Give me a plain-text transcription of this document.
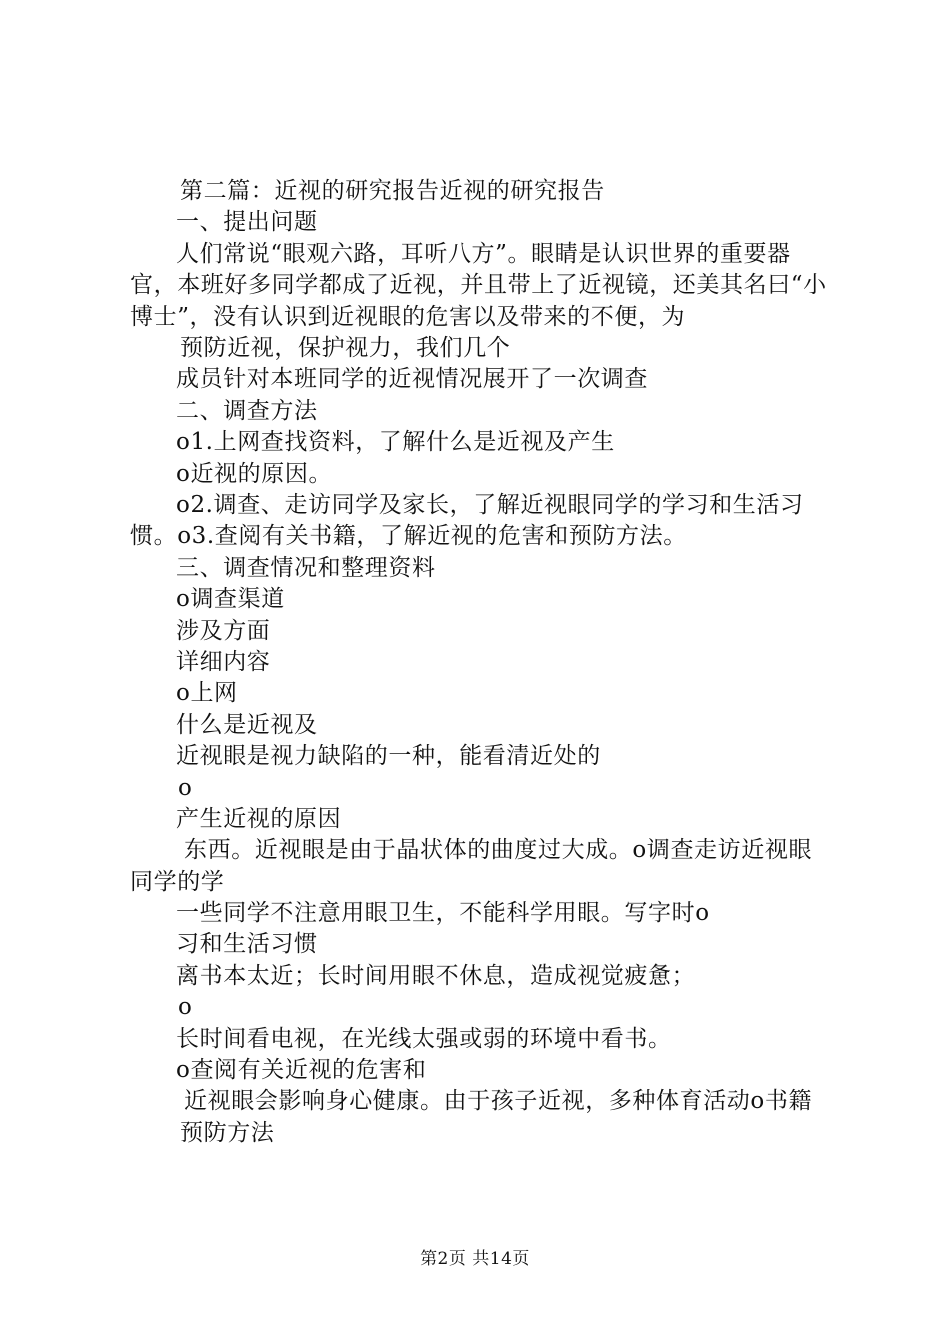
第二篇：近视的研究报告近视的研究报告
一、提出问题
人们常说“眼观六路，耳听八方”。眼睛是认识世界的重要器官，本班好多同学都成了近视，并且带上了近视镜，还美其名曰“小博士”，没有认识到近视眼的危害以及带来的不便，为
预防近视，保护视力，我们几个
成员针对本班同学的近视情况展开了一次调查
二、调查方法
o1.上网查找资料，了解什么是近视及产生
o近视的原因。
o2.调查、走访同学及家长，了解近视眼同学的学习和生活习惯。o3.查阅有关书籍，了解近视的危害和预防方法。
三、调查情况和整理资料
o调查渠道
涉及方面
详细内容
o上网
什么是近视及
近视眼是视力缺陷的一种，能看清近处的
o
产生近视的原因
东西。近视眼是由于晶状体的曲度过大成。o调查走访近视眼同学的学
一些同学不注意用眼卫生，不能科学用眼。写字时o
习和生活习惯
离书本太近；长时间用眼不休息，造成视觉疲惫；
o
长时间看电视，在光线太强或弱的环境中看书。
o查阅有关近视的危害和
近视眼会影响身心健康。由于孩子近视，多种体育活动o书籍
预防方法
第2页 共14页
